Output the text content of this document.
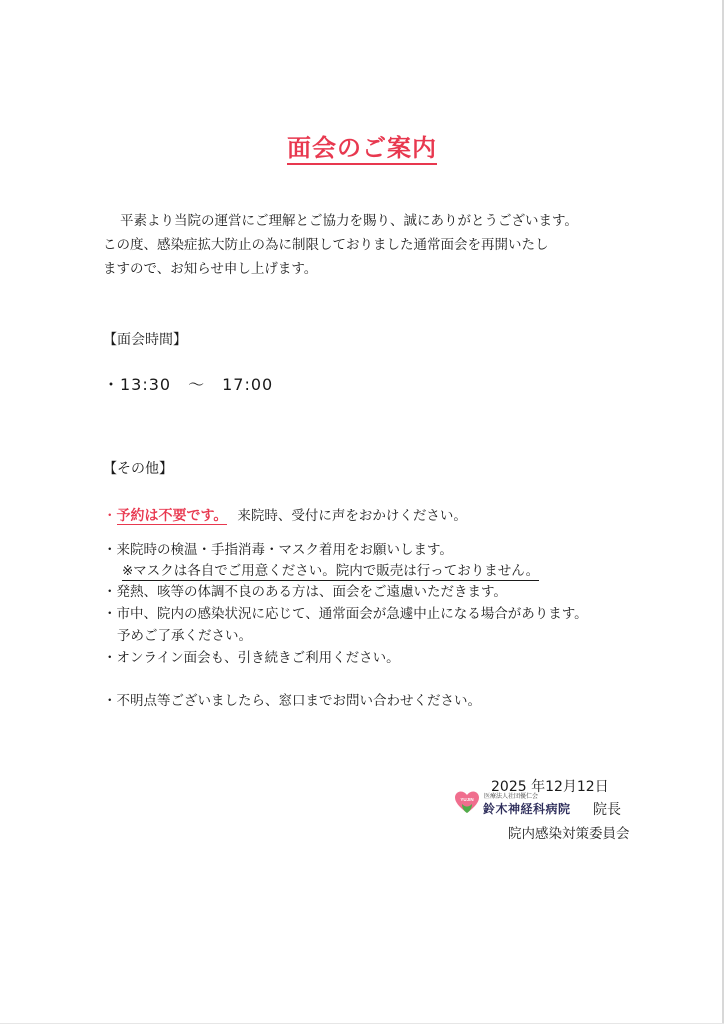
面会のご案内

平素より当院の運営にご理解とご協力を賜り、誠にありがとうございます。

この度、感染症拡大防止の為に制限しておりました通常面会を再開いたし

ますので、お知らせ申し上げます。

【面会時間】
・13:30　～　17:00
【その他】
・予約は不要です。 来院時、受付に声をおかけください。
・来院時の検温・手指消毒・マスク着用をお願いします。
※マスクは各自でご用意ください。院内で販売は行っておりません。
・発熱、咳等の体調不良のある方は、面会をご遠慮いただきます。
・市中、院内の感染状況に応じて、通常面会が急遽中止になる場合があります。
予めご了承ください。
・オンライン面会も、引き続きご利用ください。
・不明点等ございましたら、窓口までお問い合わせください。
2025 年12月12日
YUJIN 医療法人社団優仁会
鈴木神経科病院 院長
院内感染対策委員会
